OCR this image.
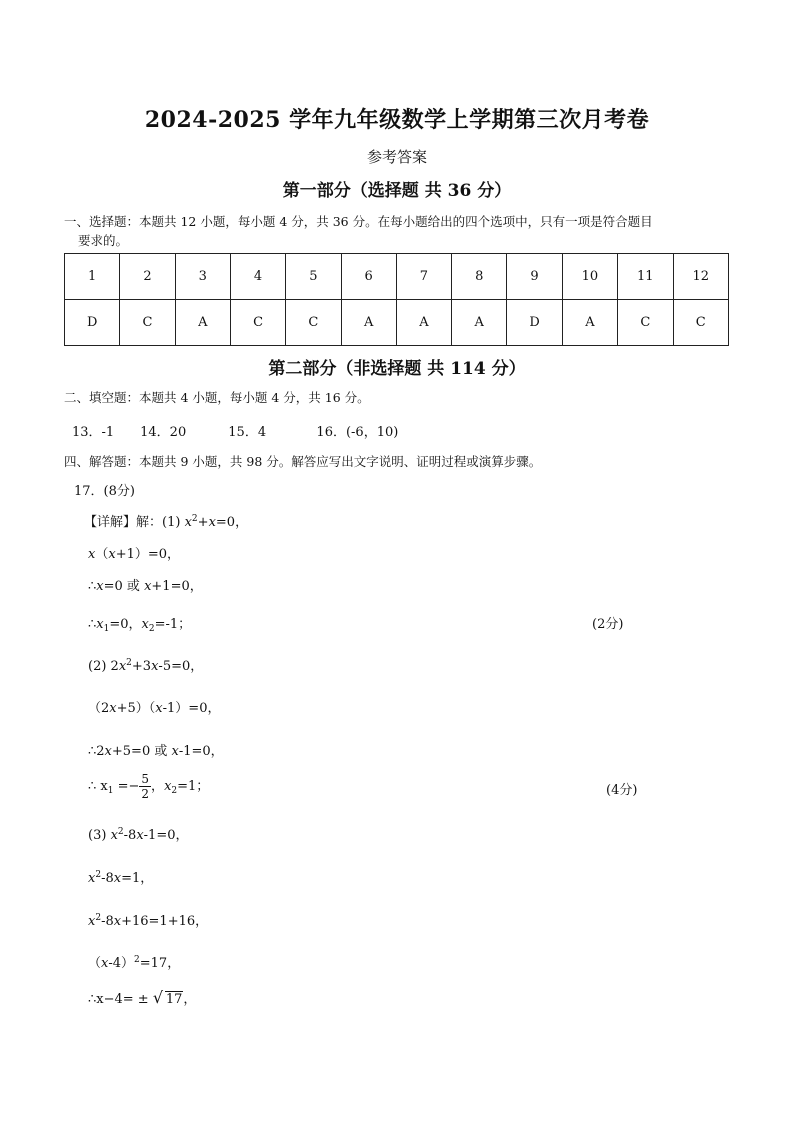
2024-2025 学年九年级数学上学期第三次月考卷
参考答案
第一部分（选择题 共 36 分）
一、选择题：本题共 12 小题，每小题 4 分，共 36 分。在每小题给出的四个选项中，只有一项是符合题目
要求的。
1	2	3	4	5	6	7	8	9	10	11	12
D	C	A	C	C	A	A	A	D	A	C	C
第二部分（非选择题 共 114 分）
二、填空题：本题共 4 小题，每小题 4 分，共 16 分。
13．-1 14．20	15．4	16．(-6，10)
四、解答题：本题共 9 小题，共 98 分。解答应写出文字说明、证明过程或演算步骤。
17．(8分)
【详解】解：(1) $x^2+x=0$，
x（x+1）=0，
∴x=0 或 x+1=0，
$\therefore x_1=0$，$x_2=-1$；	(2分)
(2) $2x^2+3x-5=0$，
（2x+5）（x-1）=0，
∴2x+5=0 或 x-1=0，
∴ $x_1 =- \frac{5}{2}$ ，$x_2=1$；	(4分)
(3) $x^2-8x-1=0$，
$x^2-8x=1$，
$x^2-8x+16=1+16$，
$(x-4)^2=17$，
∴x−4= ± √ 17，
